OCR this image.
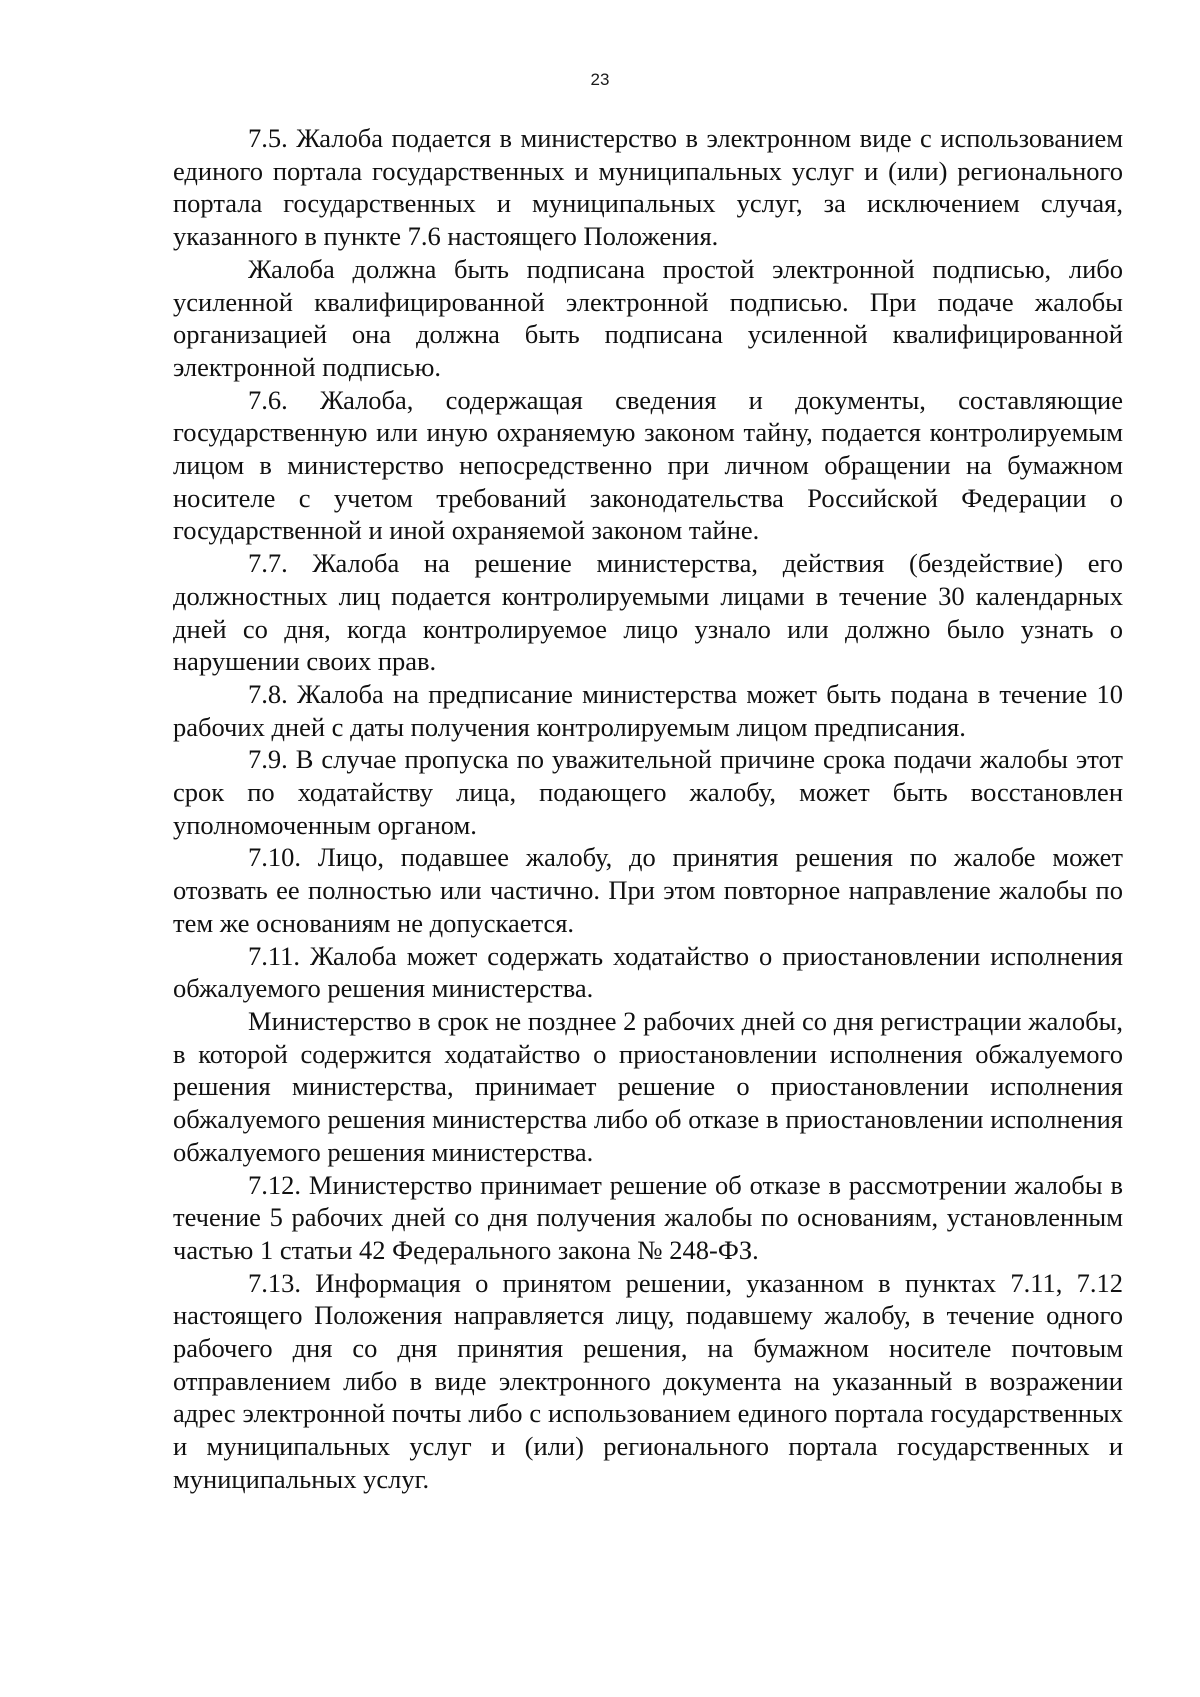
23

7.5. Жалоба подается в министерство в электронном виде с использованием единого портала государственных и муниципальных услуг и (или) регионального портала государственных и муниципальных услуг, за исключением случая, указанного в пункте 7.6 настоящего Положения.

Жалоба должна быть подписана простой электронной подписью, либо усиленной квалифицированной электронной подписью. При подаче жалобы организацией она должна быть подписана усиленной квалифицированной электронной подписью.

7.6. Жалоба, содержащая сведения и документы, составляющие государственную или иную охраняемую законом тайну, подается контролируемым лицом в министерство непосредственно при личном обращении на бумажном носителе с учетом требований законодательства Российской Федерации о государственной и иной охраняемой законом тайне.

7.7. Жалоба на решение министерства, действия (бездействие) его должностных лиц подается контролируемыми лицами в течение 30 календарных дней со дня, когда контролируемое лицо узнало или должно было узнать о нарушении своих прав.

7.8. Жалоба на предписание министерства может быть подана в течение 10 рабочих дней с даты получения контролируемым лицом предписания.

7.9. В случае пропуска по уважительной причине срока подачи жалобы этот срок по ходатайству лица, подающего жалобу, может быть восстановлен уполномоченным органом.

7.10. Лицо, подавшее жалобу, до принятия решения по жалобе может отозвать ее полностью или частично. При этом повторное направление жалобы по тем же основаниям не допускается.

7.11. Жалоба может содержать ходатайство о приостановлении исполнения обжалуемого решения министерства.

Министерство в срок не позднее 2 рабочих дней со дня регистрации жалобы, в которой содержится ходатайство о приостановлении исполнения обжалуемого решения министерства, принимает решение о приостановлении исполнения обжалуемого решения министерства либо об отказе в приостановлении исполнения обжалуемого решения министерства.

7.12. Министерство принимает решение об отказе в рассмотрении жалобы в течение 5 рабочих дней со дня получения жалобы по основаниям, установленным частью 1 статьи 42 Федерального закона № 248-ФЗ.

7.13. Информация о принятом решении, указанном в пунктах 7.11, 7.12 настоящего Положения направляется лицу, подавшему жалобу, в течение одного рабочего дня со дня принятия решения, на бумажном носителе почтовым отправлением либо в виде электронного документа на указанный в возражении адрес электронной почты либо с использованием единого портала государственных и муниципальных услуг и (или) регионального портала государственных и муниципальных услуг.
